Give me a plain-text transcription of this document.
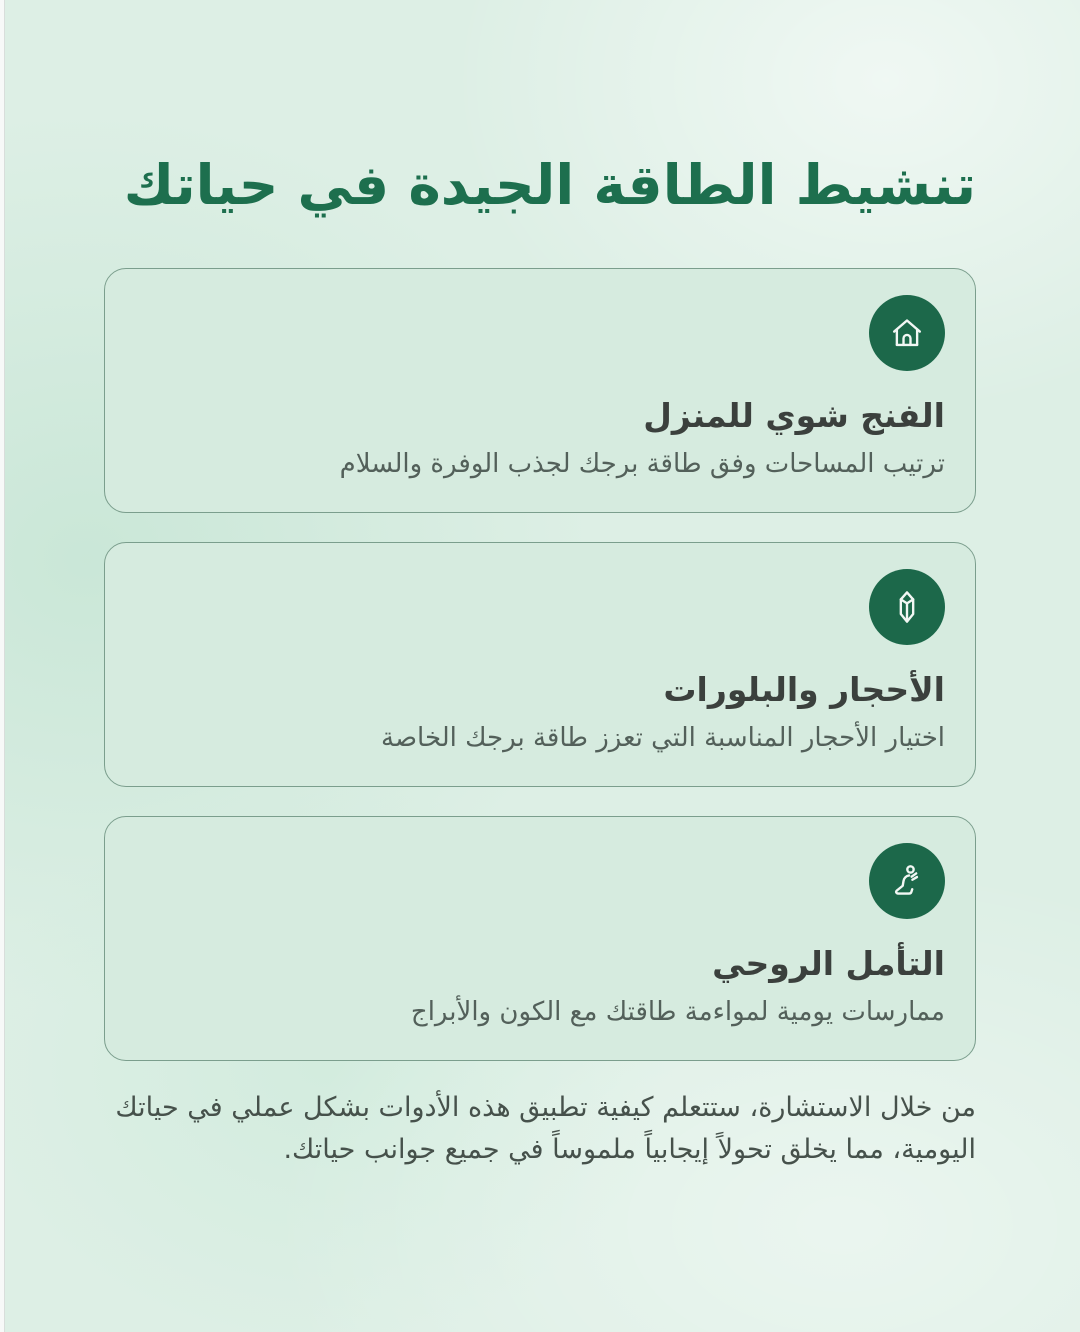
تنشيط الطاقة الجيدة في حياتك
الفنج شوي للمنزل
ترتيب المساحات وفق طاقة برجك لجذب الوفرة والسلام
الأحجار والبلورات
اختيار الأحجار المناسبة التي تعزز طاقة برجك الخاصة
التأمل الروحي
ممارسات يومية لمواءمة طاقتك مع الكون والأبراج

من خلال الاستشارة، ستتعلم كيفية تطبيق هذه الأدوات بشكل عملي في حياتك اليومية، مما يخلق تحولاً إيجابياً ملموساً في جميع جوانب حياتك.
